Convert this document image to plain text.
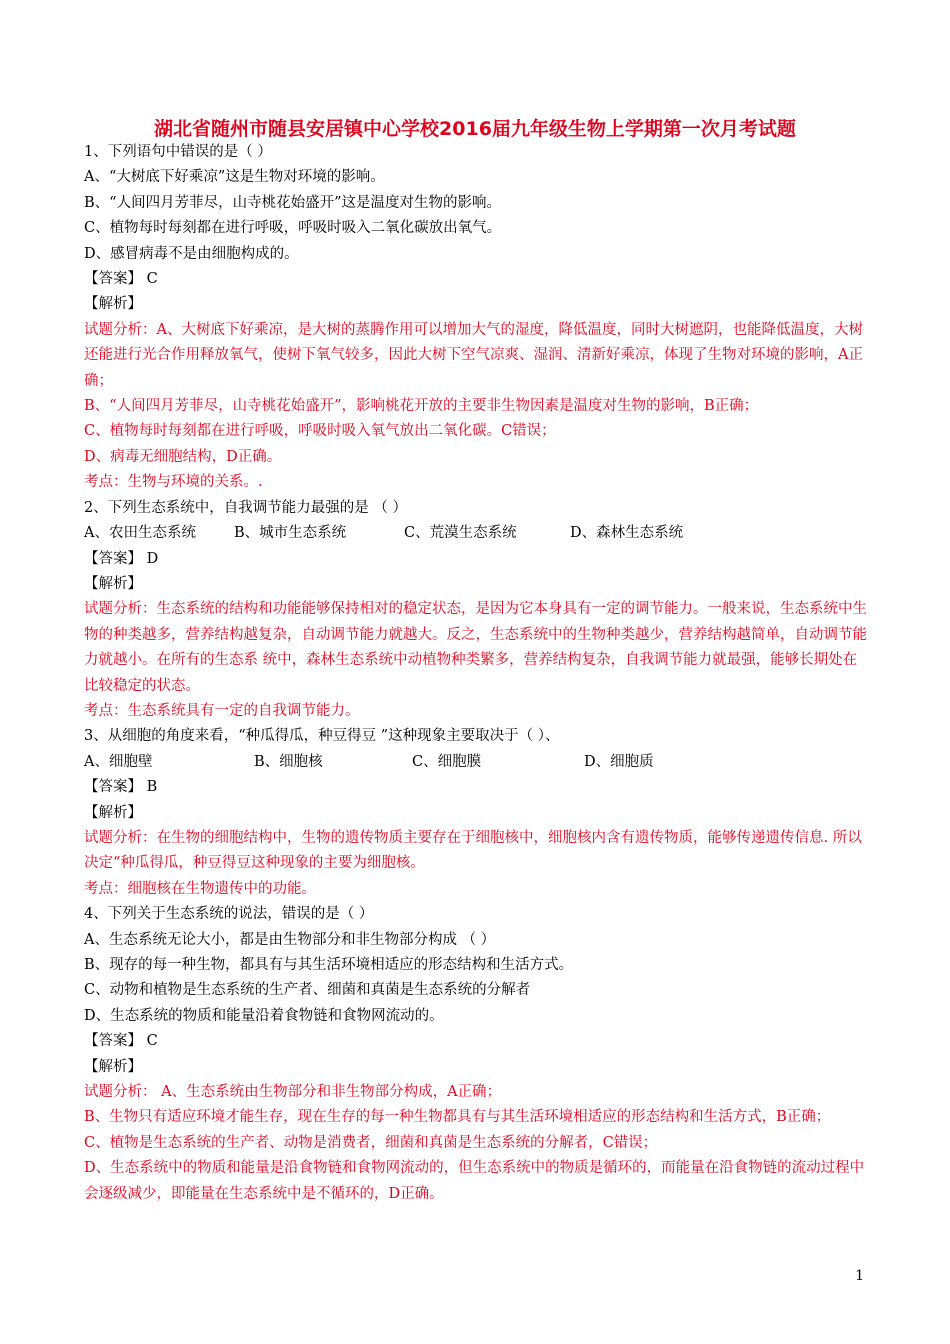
湖北省随州市随县安居镇中心学校2016届九年级生物上学期第一次月考试题
1、下列语句中错误的是（ ）
A、“大树底下好乘凉”这是生物对环境的影响。
B、“人间四月芳菲尽，山寺桃花始盛开”这是温度对生物的影响。
C、植物每时每刻都在进行呼吸，呼吸时吸入二氧化碳放出氧气。
D、感冒病毒不是由细胞构成的。
【答案】 C
【解析】
试题分析：A、大树底下好乘凉，是大树的蒸腾作用可以增加大气的湿度，降低温度，同时大树遮阴，也能降低温度，大树还能进行光合作用释放氧气，使树下氧气较多，因此大树下空气凉爽、湿润、清新好乘凉，体现了生物对环境的影响，A正确；
B、“人间四月芳菲尽，山寺桃花始盛开”，影响桃花开放的主要非生物因素是温度对生物的影响，B正确；
C、植物每时每刻都在进行呼吸，呼吸时吸入氧气放出二氧化碳。C错误；
D、病毒无细胞结构，D正确。
考点：生物与环境的关系。.
2、下列生态系统中，自我调节能力最强的是 （ ）
A、农田生态系统	B、城市生态系统	C、荒漠生态系统	D、森林生态系统
【答案】 D
【解析】
试题分析：生态系统的结构和功能能够保持相对的稳定状态，是因为它本身具有一定的调节能力。一般来说，生态系统中生物的种类越多，营养结构越复杂，自动调节能力就越大。反之，生态系统中的生物种类越少，营养结构越简单，自动调节能力就越小。在所有的生态系 统中，森林生态系统中动植物种类繁多，营养结构复杂，自我调节能力就最强，能够长期处在比较稳定的状态。
考点：生态系统具有一定的自我调节能力。
3、从细胞的角度来看，“种瓜得瓜，种豆得豆 ”这种现象主要取决于（ ）、
A、细胞壁	B、细胞核	C、细胞膜	D、细胞质
【答案】 B
【解析】
试题分析：在生物的细胞结构中，生物的遗传物质主要存在于细胞核中，细胞核内含有遗传物质，能够传递遗传信息. 所以决定“种瓜得瓜，种豆得豆这种现象的主要为细胞核。
考点：细胞核在生物遗传中的功能。
4、下列关于生态系统的说法，错误的是（ ）
A、生态系统无论大小，都是由生物部分和非生物部分构成 （ ）
B、现存的每一种生物，都具有与其生活环境相适应的形态结构和生活方式。
C、动物和植物是生态系统的生产者、细菌和真菌是生态系统的分解者
D、生态系统的物质和能量沿着食物链和食物网流动的。
【答案】 C
【解析】
试题分析： A、生态系统由生物部分和非生物部分构成，A正确；
B、生物只有适应环境才能生存，现在生存的每一种生物都具有与其生活环境相适应的形态结构和生活方式，B正确；
C、植物是生态系统的生产者、动物是消费者，细菌和真菌是生态系统的分解者，C错误；
D、生态系统中的物质和能量是沿食物链和食物网流动的，但生态系统中的物质是循环的，而能量在沿食物链的流动过程中会逐级减少，即能量在生态系统中是不循环的，D正确。
1
